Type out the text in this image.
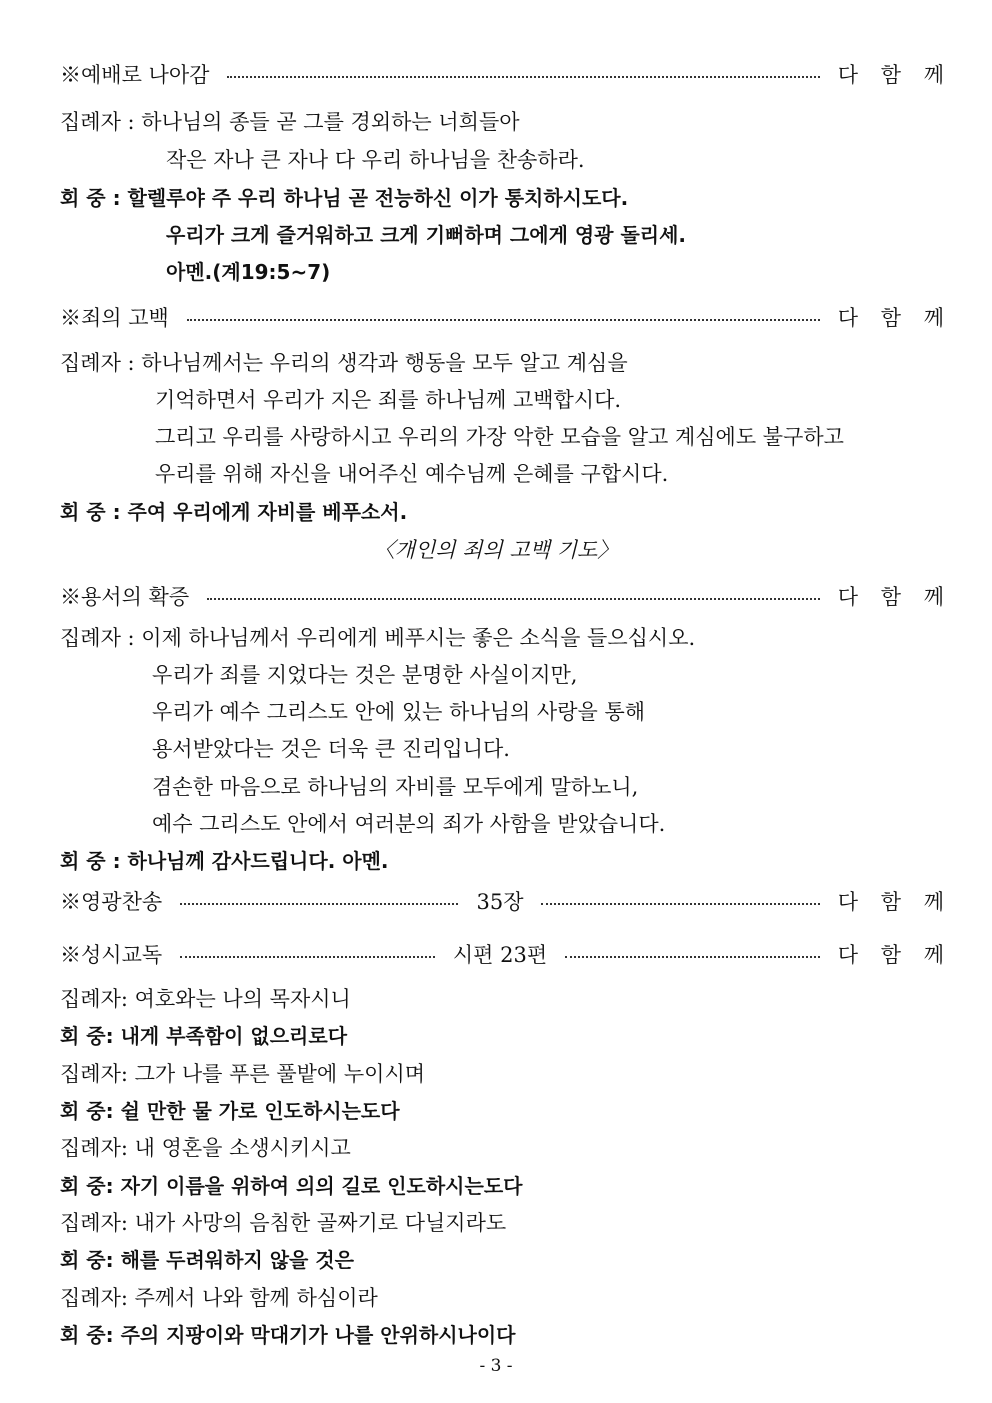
※예배로 나아감	다 함 께
집례자 : 하나님의 종들 곧 그를 경외하는 너희들아
작은 자나 큰 자나 다 우리 하나님을 찬송하라.
회 중 : 할렐루야 주 우리 하나님 곧 전능하신 이가 통치하시도다.
우리가 크게 즐거워하고 크게 기뻐하며 그에게 영광 돌리세.
아멘.(계19:5~7)
※죄의 고백	다 함 께
집례자 : 하나님께서는 우리의 생각과 행동을 모두 알고 계심을
기억하면서 우리가 지은 죄를 하나님께 고백합시다.
그리고 우리를 사랑하시고 우리의 가장 악한 모습을 알고 계심에도 불구하고
우리를 위해 자신을 내어주신 예수님께 은혜를 구합시다.
회 중 : 주여 우리에게 자비를 베푸소서.
〈개인의 죄의 고백 기도〉
※용서의 확증	다 함 께
집례자 : 이제 하나님께서 우리에게 베푸시는 좋은 소식을 들으십시오.
우리가 죄를 지었다는 것은 분명한 사실이지만,
우리가 예수 그리스도 안에 있는 하나님의 사랑을 통해
용서받았다는 것은 더욱 큰 진리입니다.
겸손한 마음으로 하나님의 자비를 모두에게 말하노니,
예수 그리스도 안에서 여러분의 죄가 사함을 받았습니다.
회 중 : 하나님께 감사드립니다. 아멘.
※영광찬송	35장	다 함 께
※성시교독	시편 23편	다 함 께
집례자: 여호와는 나의 목자시니
회 중: 내게 부족함이 없으리로다
집례자: 그가 나를 푸른 풀밭에 누이시며
회 중: 쉴 만한 물 가로 인도하시는도다
집례자: 내 영혼을 소생시키시고
회 중: 자기 이름을 위하여 의의 길로 인도하시는도다
집례자: 내가 사망의 음침한 골짜기로 다닐지라도
회 중: 해를 두려워하지 않을 것은
집례자: 주께서 나와 함께 하심이라
회 중: 주의 지팡이와 막대기가 나를 안위하시나이다
- 3 -
